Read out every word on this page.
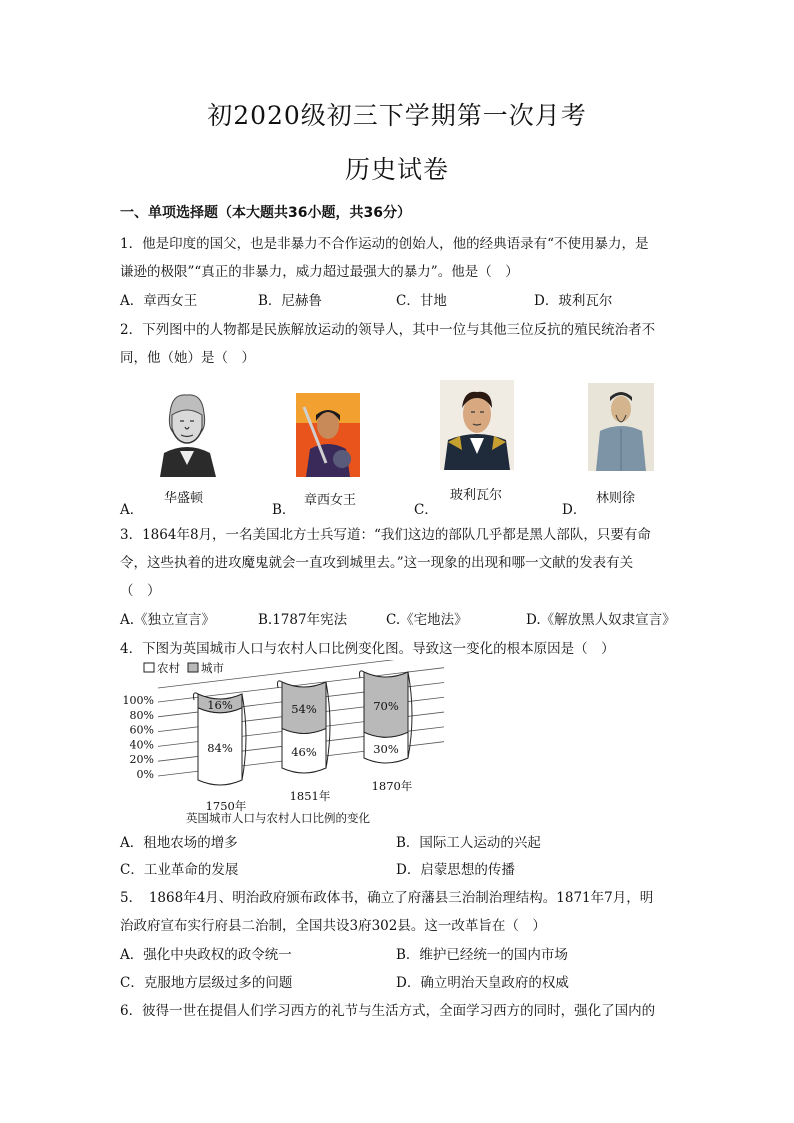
初2020级初三下学期第一次月考
历史试卷
一、单项选择题（本大题共36小题，共36分）
1．他是印度的国父，也是非暴力不合作运动的创始人，他的经典语录有“不使用暴力，是
谦逊的极限”“真正的非暴力，威力超过最强大的暴力”。他是（　）
A．章西女王	B．尼赫鲁	C．甘地	D．玻利瓦尔
2．下列图中的人物都是民族解放运动的领导人，其中一位与其他三位反抗的殖民统治者不
同，他（她）是（　）
A．
华盛顿
B．
章西女王
C．
玻利瓦尔
D．
林则徐
3．1864年8月，一名美国北方士兵写道：“我们这边的部队几乎都是黑人部队，只要有命
令，这些执着的进攻魔鬼就会一直攻到城里去。”这一现象的出现和哪一文献的发表有关
（　）
A.《独立宣言》	B.1787年宪法	C.《宅地法》	D.《解放黑人奴隶宣言》
4．下图为英国城市人口与农村人口比例变化图。导致这一变化的根本原因是（　）
100%
80%
60%
40%
20%
0%
农村 城市
16%
84%
1750年
54%
46%
1851年
70%
30%
1870年
英国城市人口与农村人口比例的变化
A．租地农场的增多	B．国际工人运动的兴起
C．工业革命的发展	D．启蒙思想的传播
5．　1868年4月、明治政府颁布政体书，确立了府藩县三治制治理结构。1871年7月，明
治政府宣布实行府县二治制，全国共设3府302县。这一改革旨在（　）
A．强化中央政权的政令统一	B．维护已经统一的国内市场
C．克服地方层级过多的问题	D．确立明治天皇政府的权威
6．彼得一世在提倡人们学习西方的礼节与生活方式，全面学习西方的同时，强化了国内的
